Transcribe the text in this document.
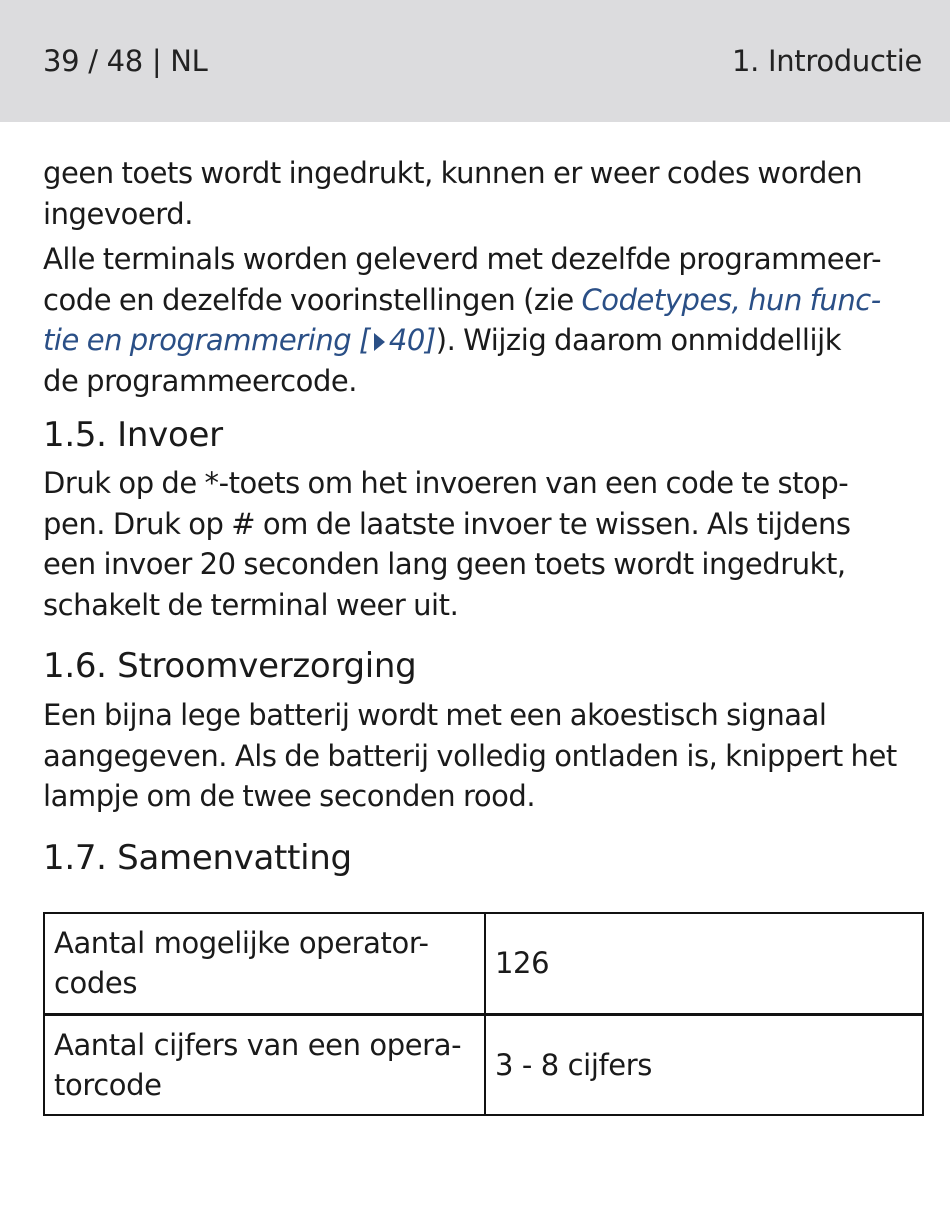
39 / 48 | NL	1. Introductie

geen toets wordt ingedrukt, kunnen er weer codes worden
ingevoerd.

Alle terminals worden geleverd met dezelfde programmeer-
code en dezelfde voorinstellingen (zie Codetypes, hun func-
tie en programmering [ 40]). Wijzig daarom onmiddellijk
de programmeercode.

1.5. Invoer

Druk op de *-toets om het invoeren van een code te stop-
pen. Druk op # om de laatste invoer te wissen. Als tijdens
een invoer 20 seconden lang geen toets wordt ingedrukt,
schakelt de terminal weer uit.

1.6. Stroomverzorging

Een bijna lege batterij wordt met een akoestisch signaal
aangegeven. Als de batterij volledig ontladen is, knippert het
lampje om de twee seconden rood.

1.7. Samenvatting
Aantal mogelijke operator-
codes	126

Aantal cijfers van een opera-
torcode	3 - 8 cijfers
